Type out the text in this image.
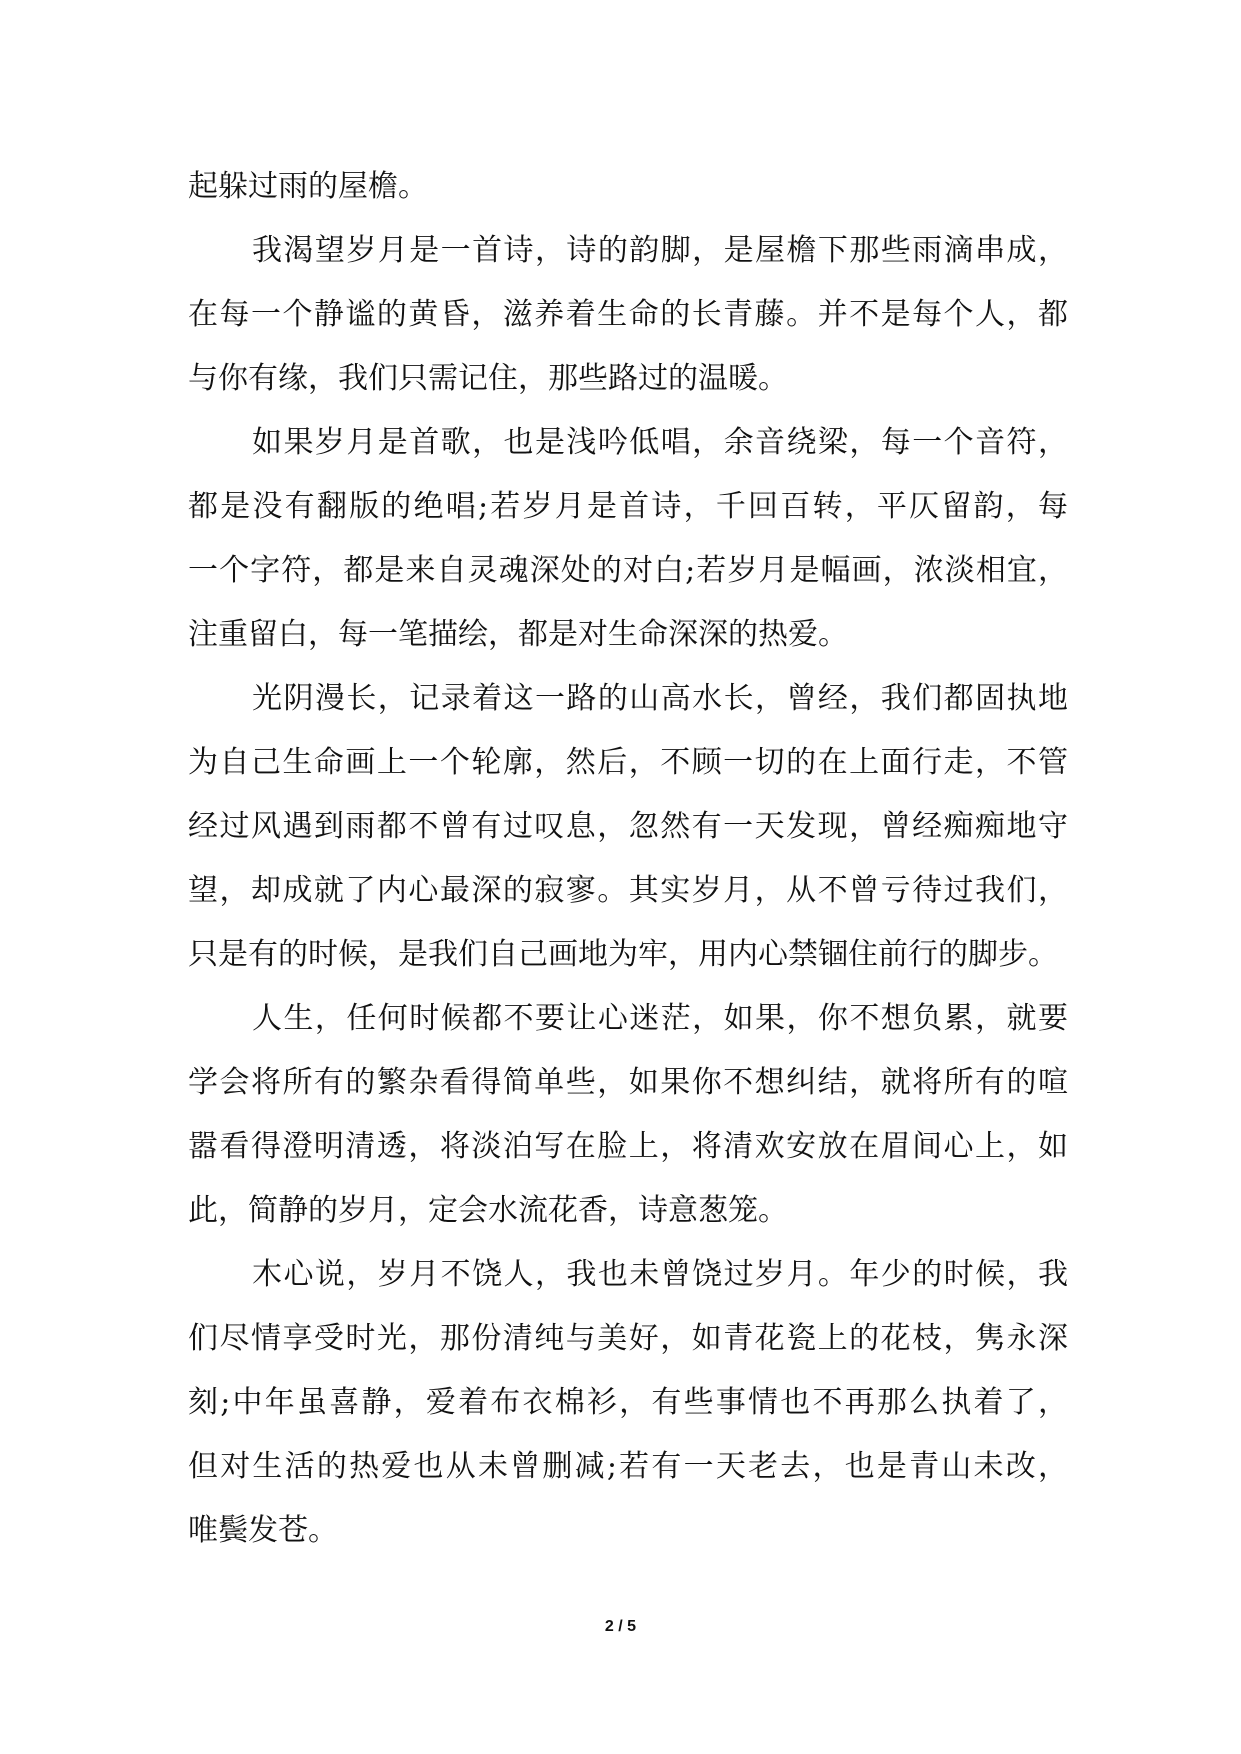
起躲过雨的屋檐。
我渴望岁月是一首诗，诗的韵脚，是屋檐下那些雨滴串成，
在每一个静谧的黄昏，滋养着生命的长青藤。并不是每个人，都
与你有缘，我们只需记住，那些路过的温暖。
如果岁月是首歌，也是浅吟低唱，余音绕梁，每一个音符，
都是没有翻版的绝唱;若岁月是首诗，千回百转，平仄留韵，每
一个字符，都是来自灵魂深处的对白;若岁月是幅画，浓淡相宜，
注重留白，每一笔描绘，都是对生命深深的热爱。
光阴漫长，记录着这一路的山高水长，曾经，我们都固执地
为自己生命画上一个轮廓，然后，不顾一切的在上面行走，不管
经过风遇到雨都不曾有过叹息，忽然有一天发现，曾经痴痴地守
望，却成就了内心最深的寂寥。其实岁月，从不曾亏待过我们，
只是有的时候，是我们自己画地为牢，用内心禁锢住前行的脚步。
人生，任何时候都不要让心迷茫，如果，你不想负累，就要
学会将所有的繁杂看得简单些，如果你不想纠结，就将所有的喧
嚣看得澄明清透，将淡泊写在脸上，将清欢安放在眉间心上，如
此，简静的岁月，定会水流花香，诗意葱笼。
木心说，岁月不饶人，我也未曾饶过岁月。年少的时候，我
们尽情享受时光，那份清纯与美好，如青花瓷上的花枝，隽永深
刻;中年虽喜静，爱着布衣棉衫，有些事情也不再那么执着了，
但对生活的热爱也从未曾删减;若有一天老去，也是青山未改，
唯鬓发苍。
2 / 5
